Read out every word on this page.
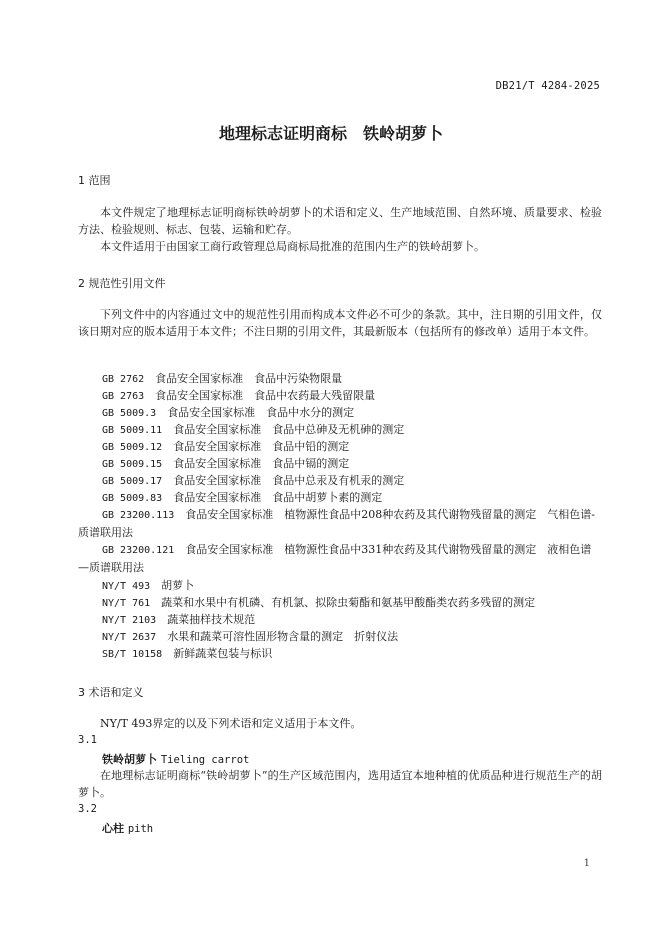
DB21/T 4284-2025
地理标志证明商标　铁岭胡萝卜
1 范围
本文件规定了地理标志证明商标铁岭胡萝卜的术语和定义、生产地域范围、自然环境、质量要求、检验方法、检验规则、标志、包装、运输和贮存。
本文件适用于由国家工商行政管理总局商标局批准的范围内生产的铁岭胡萝卜。
2 规范性引用文件
下列文件中的内容通过文中的规范性引用而构成本文件必不可少的条款。其中，注日期的引用文件，仅该日期对应的版本适用于本文件；不注日期的引用文件，其最新版本（包括所有的修改单）适用于本文件。
GB 2762　 食品安全国家标准　食品中污染物限量
GB 2763　 食品安全国家标准　食品中农药最大残留限量
GB 5009.3　 食品安全国家标准　食品中水分的测定
GB 5009.11　 食品安全国家标准　食品中总砷及无机砷的测定
GB 5009.12　 食品安全国家标准　食品中铅的测定
GB 5009.15　 食品安全国家标准　食品中镉的测定
GB 5009.17　 食品安全国家标准　食品中总汞及有机汞的测定
GB 5009.83　 食品安全国家标准　食品中胡萝卜素的测定
GB 23200.113　 食品安全国家标准　植物源性食品中208种农药及其代谢物残留量的测定　气相色谱-质谱联用法
GB 23200.121　 食品安全国家标准　植物源性食品中331种农药及其代谢物残留量的测定　液相色谱—质谱联用法
NY/T 493　 胡萝卜
NY/T 761　 蔬菜和水果中有机磷、有机氯、拟除虫菊酯和氨基甲酸酯类农药多残留的测定
NY/T 2103　 蔬菜抽样技术规范
NY/T 2637　 水果和蔬菜可溶性固形物含量的测定　折射仪法
SB/T 10158　 新鲜蔬菜包装与标识
3 术语和定义
NY/T 493界定的以及下列术语和定义适用于本文件。
3.1
铁岭胡萝卜 Tieling carrot
在地理标志证明商标“铁岭胡萝卜”的生产区域范围内，选用适宜本地种植的优质品种进行规范生产的胡萝卜。
3.2
心柱 pith
1
